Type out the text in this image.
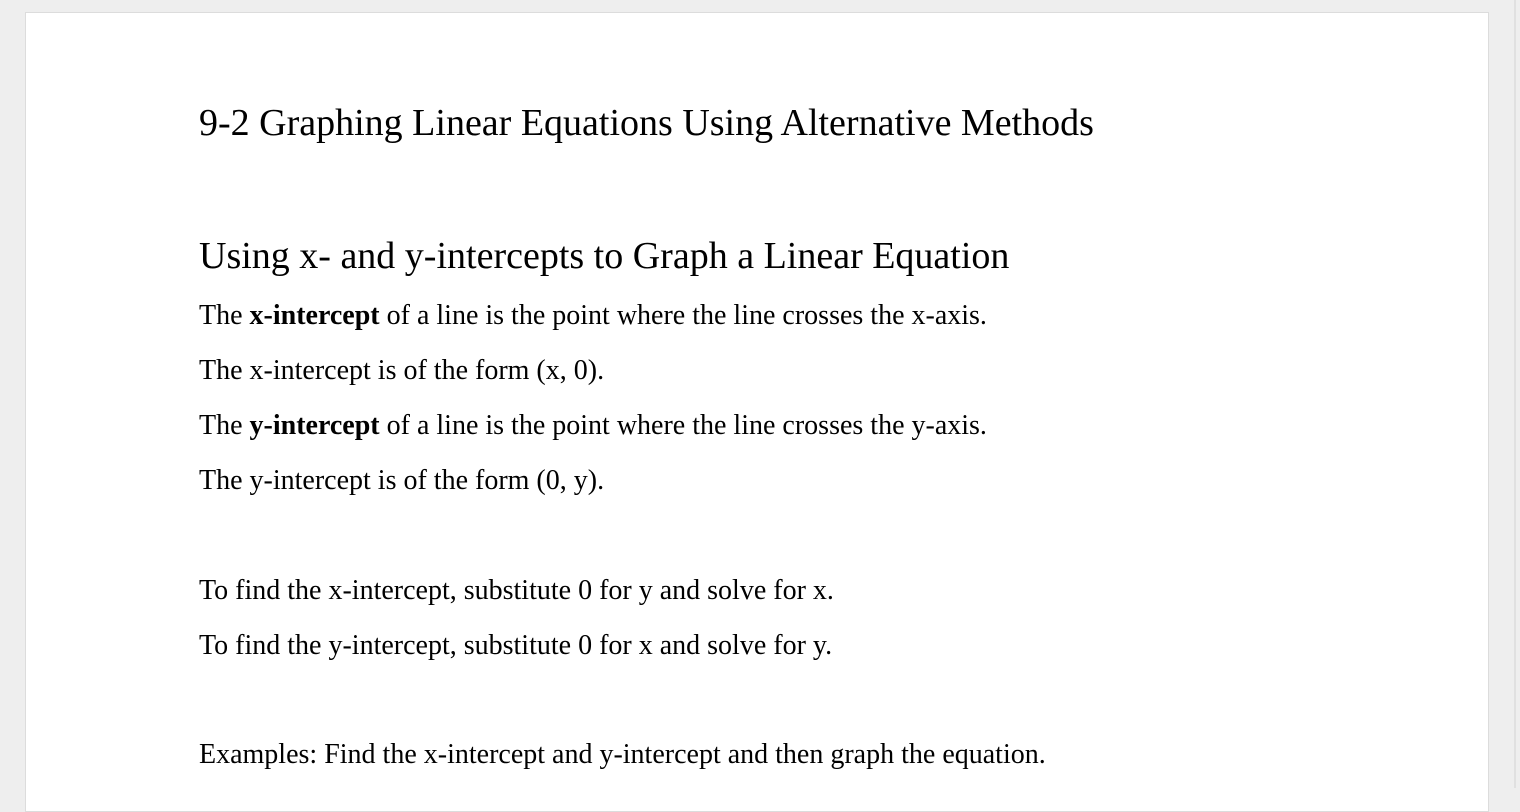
9-2 Graphing Linear Equations Using Alternative Methods
Using x- and y-intercepts to Graph a Linear Equation

The x-intercept of a line is the point where the line crosses the x-axis.

The x-intercept is of the form (x, 0).

The y-intercept of a line is the point where the line crosses the y-axis.

The y-intercept is of the form (0, y).

To find the x-intercept, substitute 0 for y and solve for x.

To find the y-intercept, substitute 0 for x and solve for y.

Examples: Find the x-intercept and y-intercept and then graph the equation.
